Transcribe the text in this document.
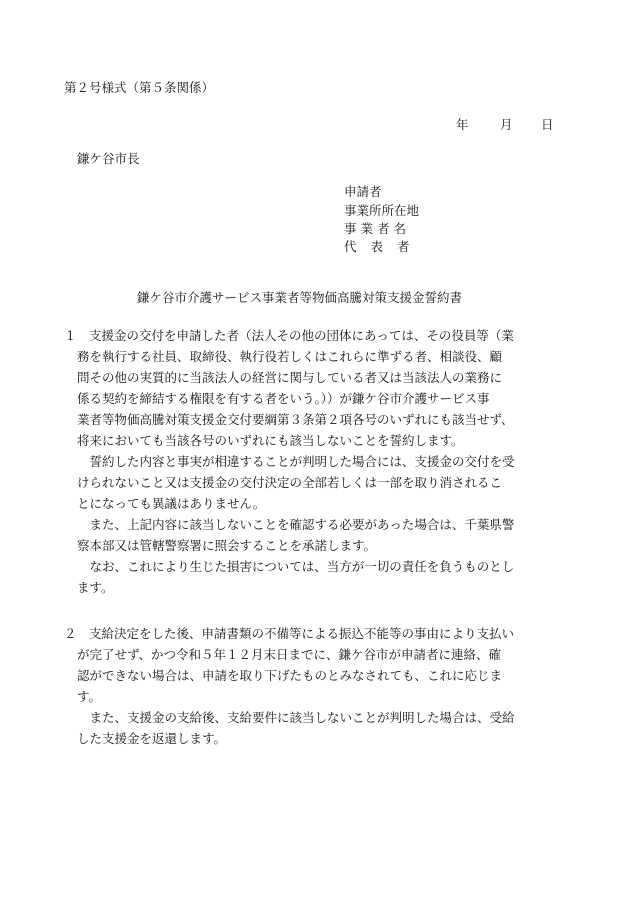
第２号様式（第５条関係）
年	月 日
鎌ケ谷市長
申請者
事業所所在地
事業者名
代表者
鎌ケ谷市介護サービス事業者等物価高騰対策支援金誓約書
１　支援金の交付を申請した者（法人その他の団体にあっては、その役員等（業
務を執行する社員、取締役、執行役若しくはこれらに準ずる者、相談役、顧
問その他の実質的に当該法人の経営に関与している者又は当該法人の業務に
係る契約を締結する権限を有する者をいう。））が鎌ケ谷市介護サービス事
業者等物価高騰対策支援金交付要綱第３条第２項各号のいずれにも該当せず、
将来においても当該各号のいずれにも該当しないことを誓約します。
　誓約した内容と事実が相違することが判明した場合には、支援金の交付を受
けられないこと又は支援金の交付決定の全部若しくは一部を取り消されるこ
とになっても異議はありません。
　また、上記内容に該当しないことを確認する必要があった場合は、千葉県警
察本部又は管轄警察署に照会することを承諾します。
　なお、これにより生じた損害については、当方が一切の責任を負うものとし
ます。
２　支給決定をした後、申請書類の不備等による振込不能等の事由により支払い
が完了せず、かつ令和５年１２月末日までに、鎌ケ谷市が申請者に連絡、確
認ができない場合は、申請を取り下げたものとみなされても、これに応じま
す。
　また、支援金の支給後、支給要件に該当しないことが判明した場合は、受給
した支援金を返還します。
